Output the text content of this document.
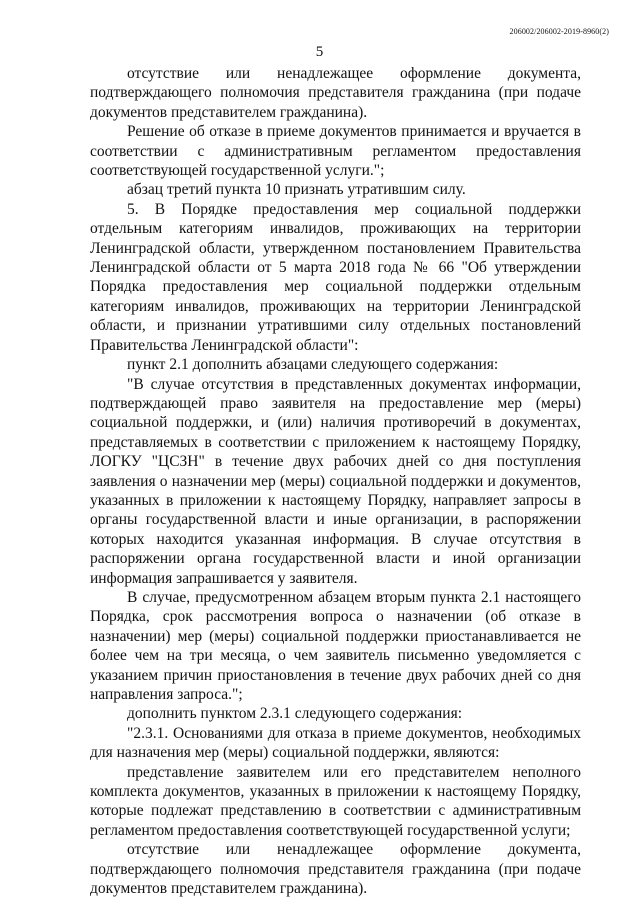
206002/206002-2019-8960(2)
5

отсутствие или ненадлежащее оформление документа, подтверждающего полномочия представителя гражданина (при подаче документов представителем гражданина).

Решение об отказе в приеме документов принимается и вручается в соответствии с административным регламентом предоставления соответствующей государственной услуги.";

абзац третий пункта 10 признать утратившим силу.

5. В Порядке предоставления мер социальной поддержки отдельным категориям инвалидов, проживающих на территории Ленинградской области, утвержденном постановлением Правительства Ленинградской области от 5 марта 2018 года № 66 "Об утверждении Порядка предоставления мер социальной поддержки отдельным категориям инвалидов, проживающих на территории Ленинградской области, и признании утратившими силу отдельных постановлений Правительства Ленинградской области":

пункт 2.1 дополнить абзацами следующего содержания:

"В случае отсутствия в представленных документах информации, подтверждающей право заявителя на предоставление мер (меры) социальной поддержки, и (или) наличия противоречий в документах, представляемых в соответствии с приложением к настоящему Порядку, ЛОГКУ "ЦСЗН" в течение двух рабочих дней со дня поступления заявления о назначении мер (меры) социальной поддержки и документов, указанных в приложении к настоящему Порядку, направляет запросы в органы государственной власти и иные организации, в распоряжении которых находится указанная информация. В случае отсутствия в распоряжении органа государственной власти и иной организации информация запрашивается у заявителя.

В случае, предусмотренном абзацем вторым пункта 2.1 настоящего Порядка, срок рассмотрения вопроса о назначении (об отказе в назначении) мер (меры) социальной поддержки приостанавливается не более чем на три месяца, о чем заявитель письменно уведомляется с указанием причин приостановления в течение двух рабочих дней со дня направления запроса.";

дополнить пунктом 2.3.1 следующего содержания:

"2.3.1. Основаниями для отказа в приеме документов, необходимых для назначения мер (меры) социальной поддержки, являются:

представление заявителем или его представителем неполного комплекта документов, указанных в приложении к настоящему Порядку, которые подлежат представлению в соответствии с административным регламентом предоставления соответствующей государственной услуги;

отсутствие или ненадлежащее оформление документа, подтверждающего полномочия представителя гражданина (при подаче документов представителем гражданина).
